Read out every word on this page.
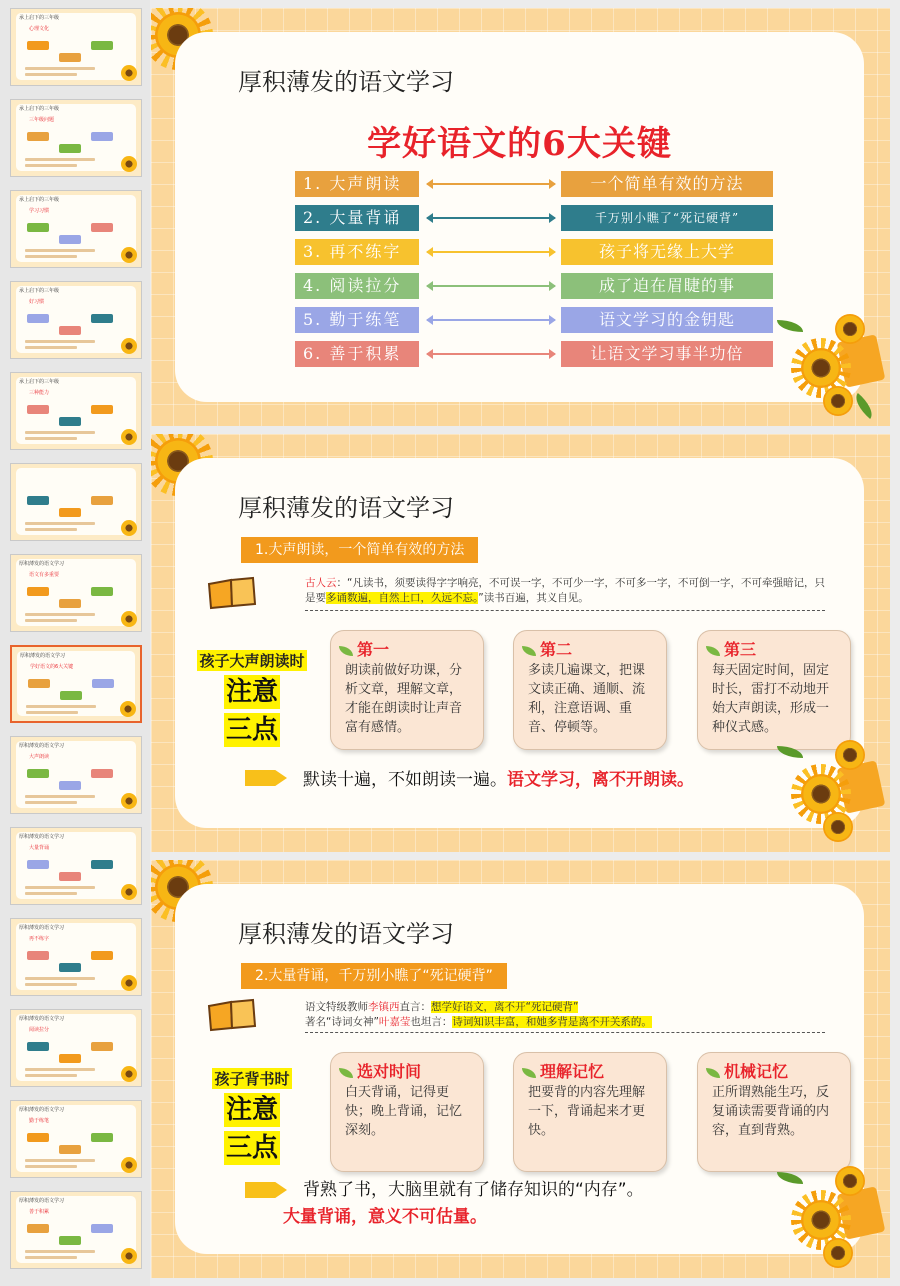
承上启下的三年级
心理文化
承上启下的三年级
三年级问题
承上启下的三年级
学习习惯
承上启下的三年级
好习惯
承上启下的三年级
三种能力
厚积薄发的语文学习
语文有多重要
厚积薄发的语文学习
学好语文的6大关键
厚积薄发的语文学习
大声朗读
厚积薄发的语文学习
大量背诵
厚积薄发的语文学习
再不练字
厚积薄发的语文学习
阅读拉分
厚积薄发的语文学习
勤于练笔
厚积薄发的语文学习
善于积累
厚积薄发的语文学习
学好语文的6大关键
1. 大声朗读	一个简单有效的方法
2. 大量背诵	千万别小瞧了“死记硬背”
3. 再不练字	孩子将无缘上大学
4. 阅读拉分	成了迫在眉睫的事
5. 勤于练笔	语文学习的金钥匙
6. 善于积累	让语文学习事半功倍
厚积薄发的语文学习
1.大声朗读，一个简单有效的方法
古人云：“凡读书，须要读得字字响亮，不可误一字，不可少一字，不可多一字，不可倒一字，不可牵强暗记，只是要多诵数遍，自然上口，久远不忘。”读书百遍，其义自见。
孩子大声朗读时
注意
三点
第一
朗读前做好功课，分析文章，理解文章，才能在朗读时让声音富有感情。
第二
多读几遍课文，把课文读正确、通顺、流利，注意语调、重音、停顿等。
第三
每天固定时间，固定时长，雷打不动地开始大声朗读，形成一种仪式感。
默读十遍，不如朗读一遍。语文学习，离不开朗读。
厚积薄发的语文学习
2.大量背诵，千万别小瞧了“死记硬背”
语文特级教师李镇西直言：想学好语文，离不开“死记硬背”
著名“诗词女神”叶嘉莹也坦言：诗词知识丰富，和她多背是离不开关系的。
孩子背书时
注意
三点
选对时间
白天背诵，记得更快；晚上背诵，记忆深刻。
理解记忆
把要背的内容先理解一下，背诵起来才更快。
机械记忆
正所谓熟能生巧，反复诵读需要背诵的内容，直到背熟。
背熟了书，大脑里就有了储存知识的“内存”。
大量背诵，意义不可估量。
